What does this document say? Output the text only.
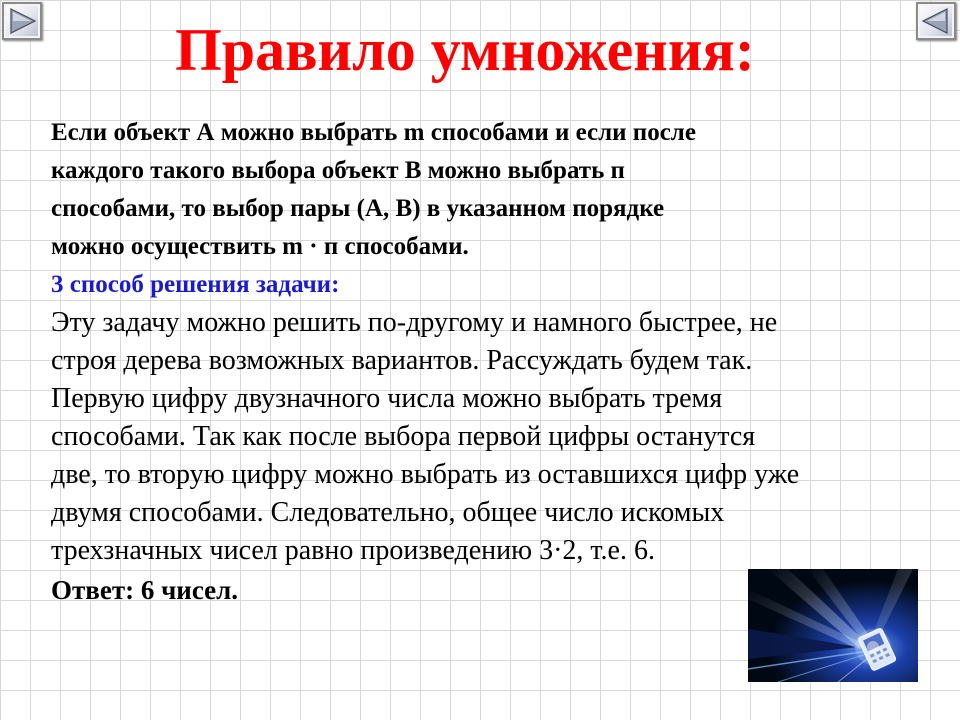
Правило умножения:
Если объект А можно выбрать m способами и если после
каждого такого выбора объект В можно выбрать п
способами, то выбор пары (А, В) в указанном порядке
можно осуществить m · п способами.
3 способ решения задачи:
Эту задачу можно решить по-другому и намного быстрее, не
строя дерева возможных вариантов. Рассуждать будем так.
Первую цифру двузначного числа можно выбрать тремя
способами. Так как после выбора первой цифры останутся
две, то вторую цифру можно выбрать из оставшихся цифр уже
двумя способами. Следовательно, общее число искомых
трехзначных чисел равно произведению 3·2, т.е. 6.
Ответ: 6 чисел.
